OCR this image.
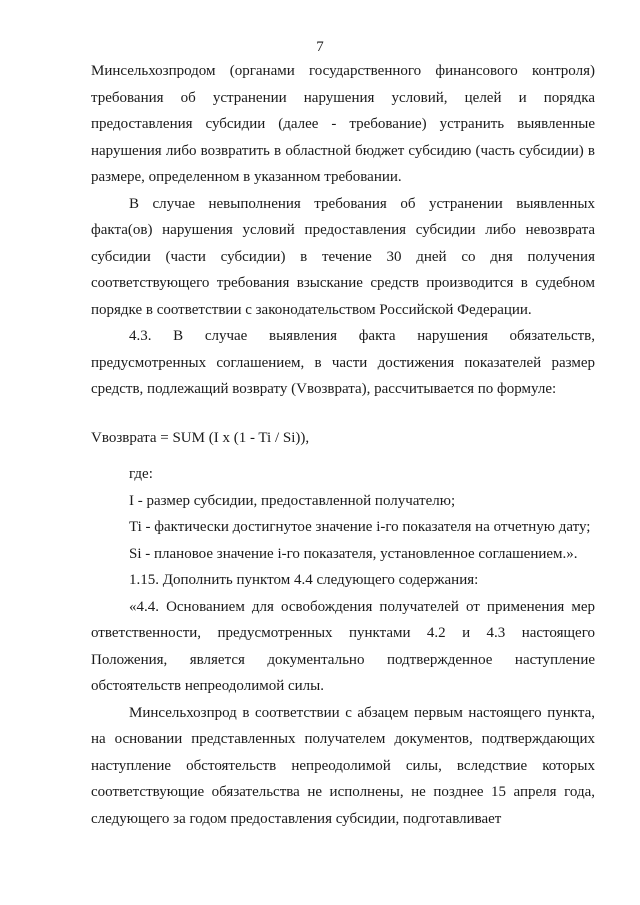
7

Минсельхозпродом (органами государственного финансового контроля) требования об устранении нарушения условий, целей и порядка предоставления субсидии (далее - требование) устранить выявленные нарушения либо возвратить в областной бюджет субсидию (часть субсидии) в размере, определенном в указанном требовании.

В случае невыполнения требования об устранении выявленных факта(ов) нарушения условий предоставления субсидии либо невозврата субсидии (части субсидии) в течение 30 дней со дня получения соответствующего требования взыскание средств производится в судебном порядке в соответствии с законодательством Российской Федерации.

4.3. В случае выявления факта нарушения обязательств, предусмотренных соглашением, в части достижения показателей размер средств, подлежащий возврату (Vвозврата), рассчитывается по формуле:

Vвозврата = SUM (I x (1 - Ti / Si)),

где:

I - размер субсидии, предоставленной получателю;

Ti - фактически достигнутое значение i-го показателя на отчетную дату;

Si - плановое значение i-го показателя, установленное соглашением.».

1.15. Дополнить пунктом 4.4 следующего содержания:

«4.4. Основанием для освобождения получателей от применения мер ответственности, предусмотренных пунктами 4.2 и 4.3 настоящего Положения, является документально подтвержденное наступление обстоятельств непреодолимой силы.

Минсельхозпрод в соответствии с абзацем первым настоящего пункта, на основании представленных получателем документов, подтверждающих наступление обстоятельств непреодолимой силы, вследствие которых соответствующие обязательства не исполнены, не позднее 15 апреля года, следующего за годом предоставления субсидии, подготавливает
